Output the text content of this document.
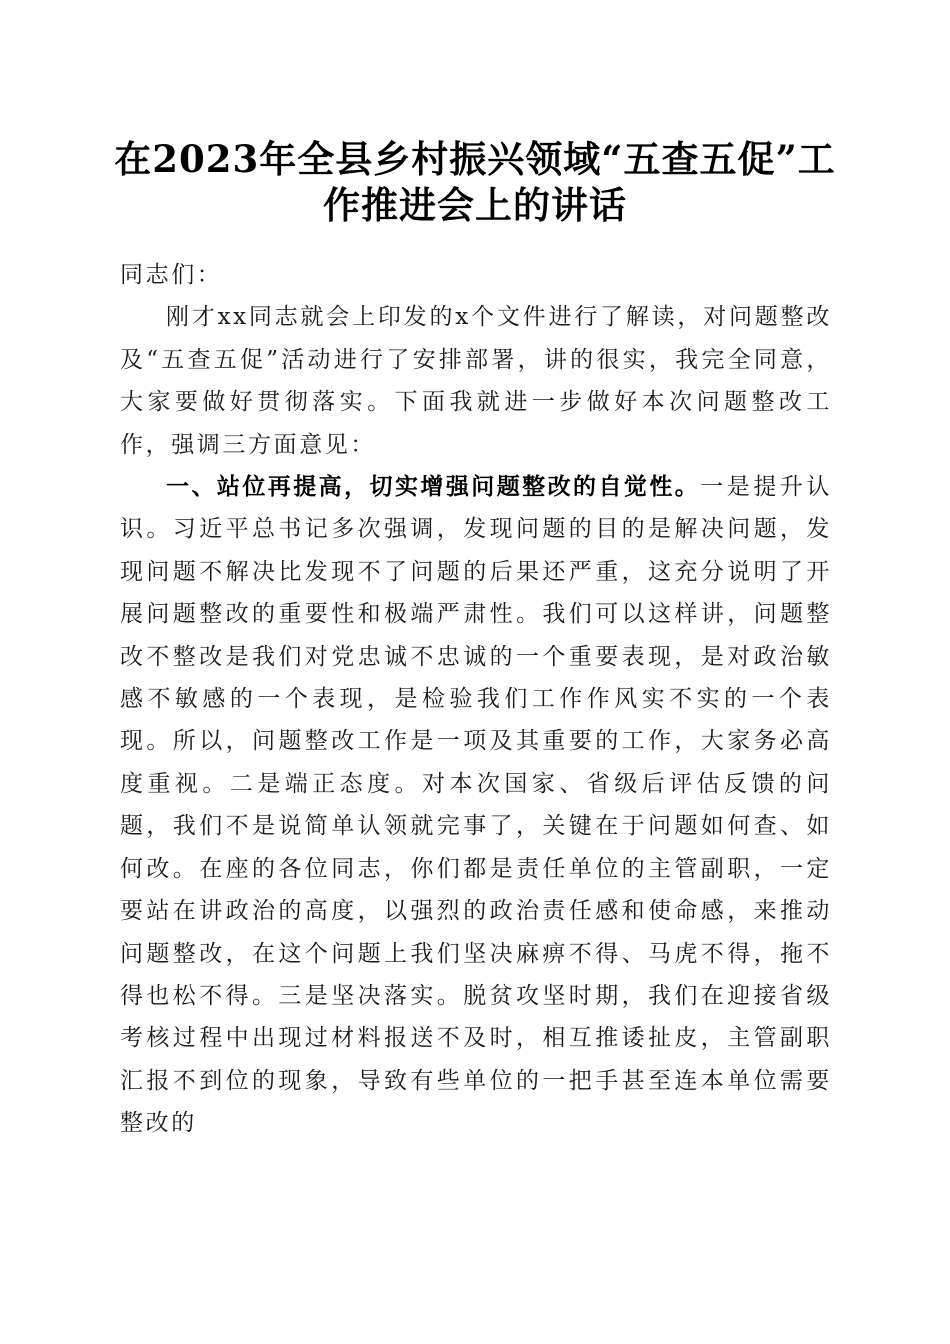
在2023年全县乡村振兴领域“五查五促”工作推进会上的讲话

同志们：

刚才xx同志就会上印发的x个文件进行了解读，对问题整改及“五查五促”活动进行了安排部署，讲的很实，我完全同意，大家要做好贯彻落实。下面我就进一步做好本次问题整改工作，强调三方面意见：

一、站位再提高，切实增强问题整改的自觉性。一是提升认识。习近平总书记多次强调，发现问题的目的是解决问题，发现问题不解决比发现不了问题的后果还严重，这充分说明了开展问题整改的重要性和极端严肃性。我们可以这样讲，问题整改不整改是我们对党忠诚不忠诚的一个重要表现，是对政治敏感不敏感的一个表现，是检验我们工作作风实不实的一个表现。所以，问题整改工作是一项及其重要的工作，大家务必高度重视。二是端正态度。对本次国家、省级后评估反馈的问题，我们不是说简单认领就完事了，关键在于问题如何查、如何改。在座的各位同志，你们都是责任单位的主管副职，一定要站在讲政治的高度，以强烈的政治责任感和使命感，来推动问题整改，在这个问题上我们坚决麻痹不得、马虎不得，拖不得也松不得。三是坚决落实。脱贫攻坚时期，我们在迎接省级考核过程中出现过材料报送不及时，相互推诿扯皮，主管副职汇报不到位的现象，导致有些单位的一把手甚至连本单位需要整改的
